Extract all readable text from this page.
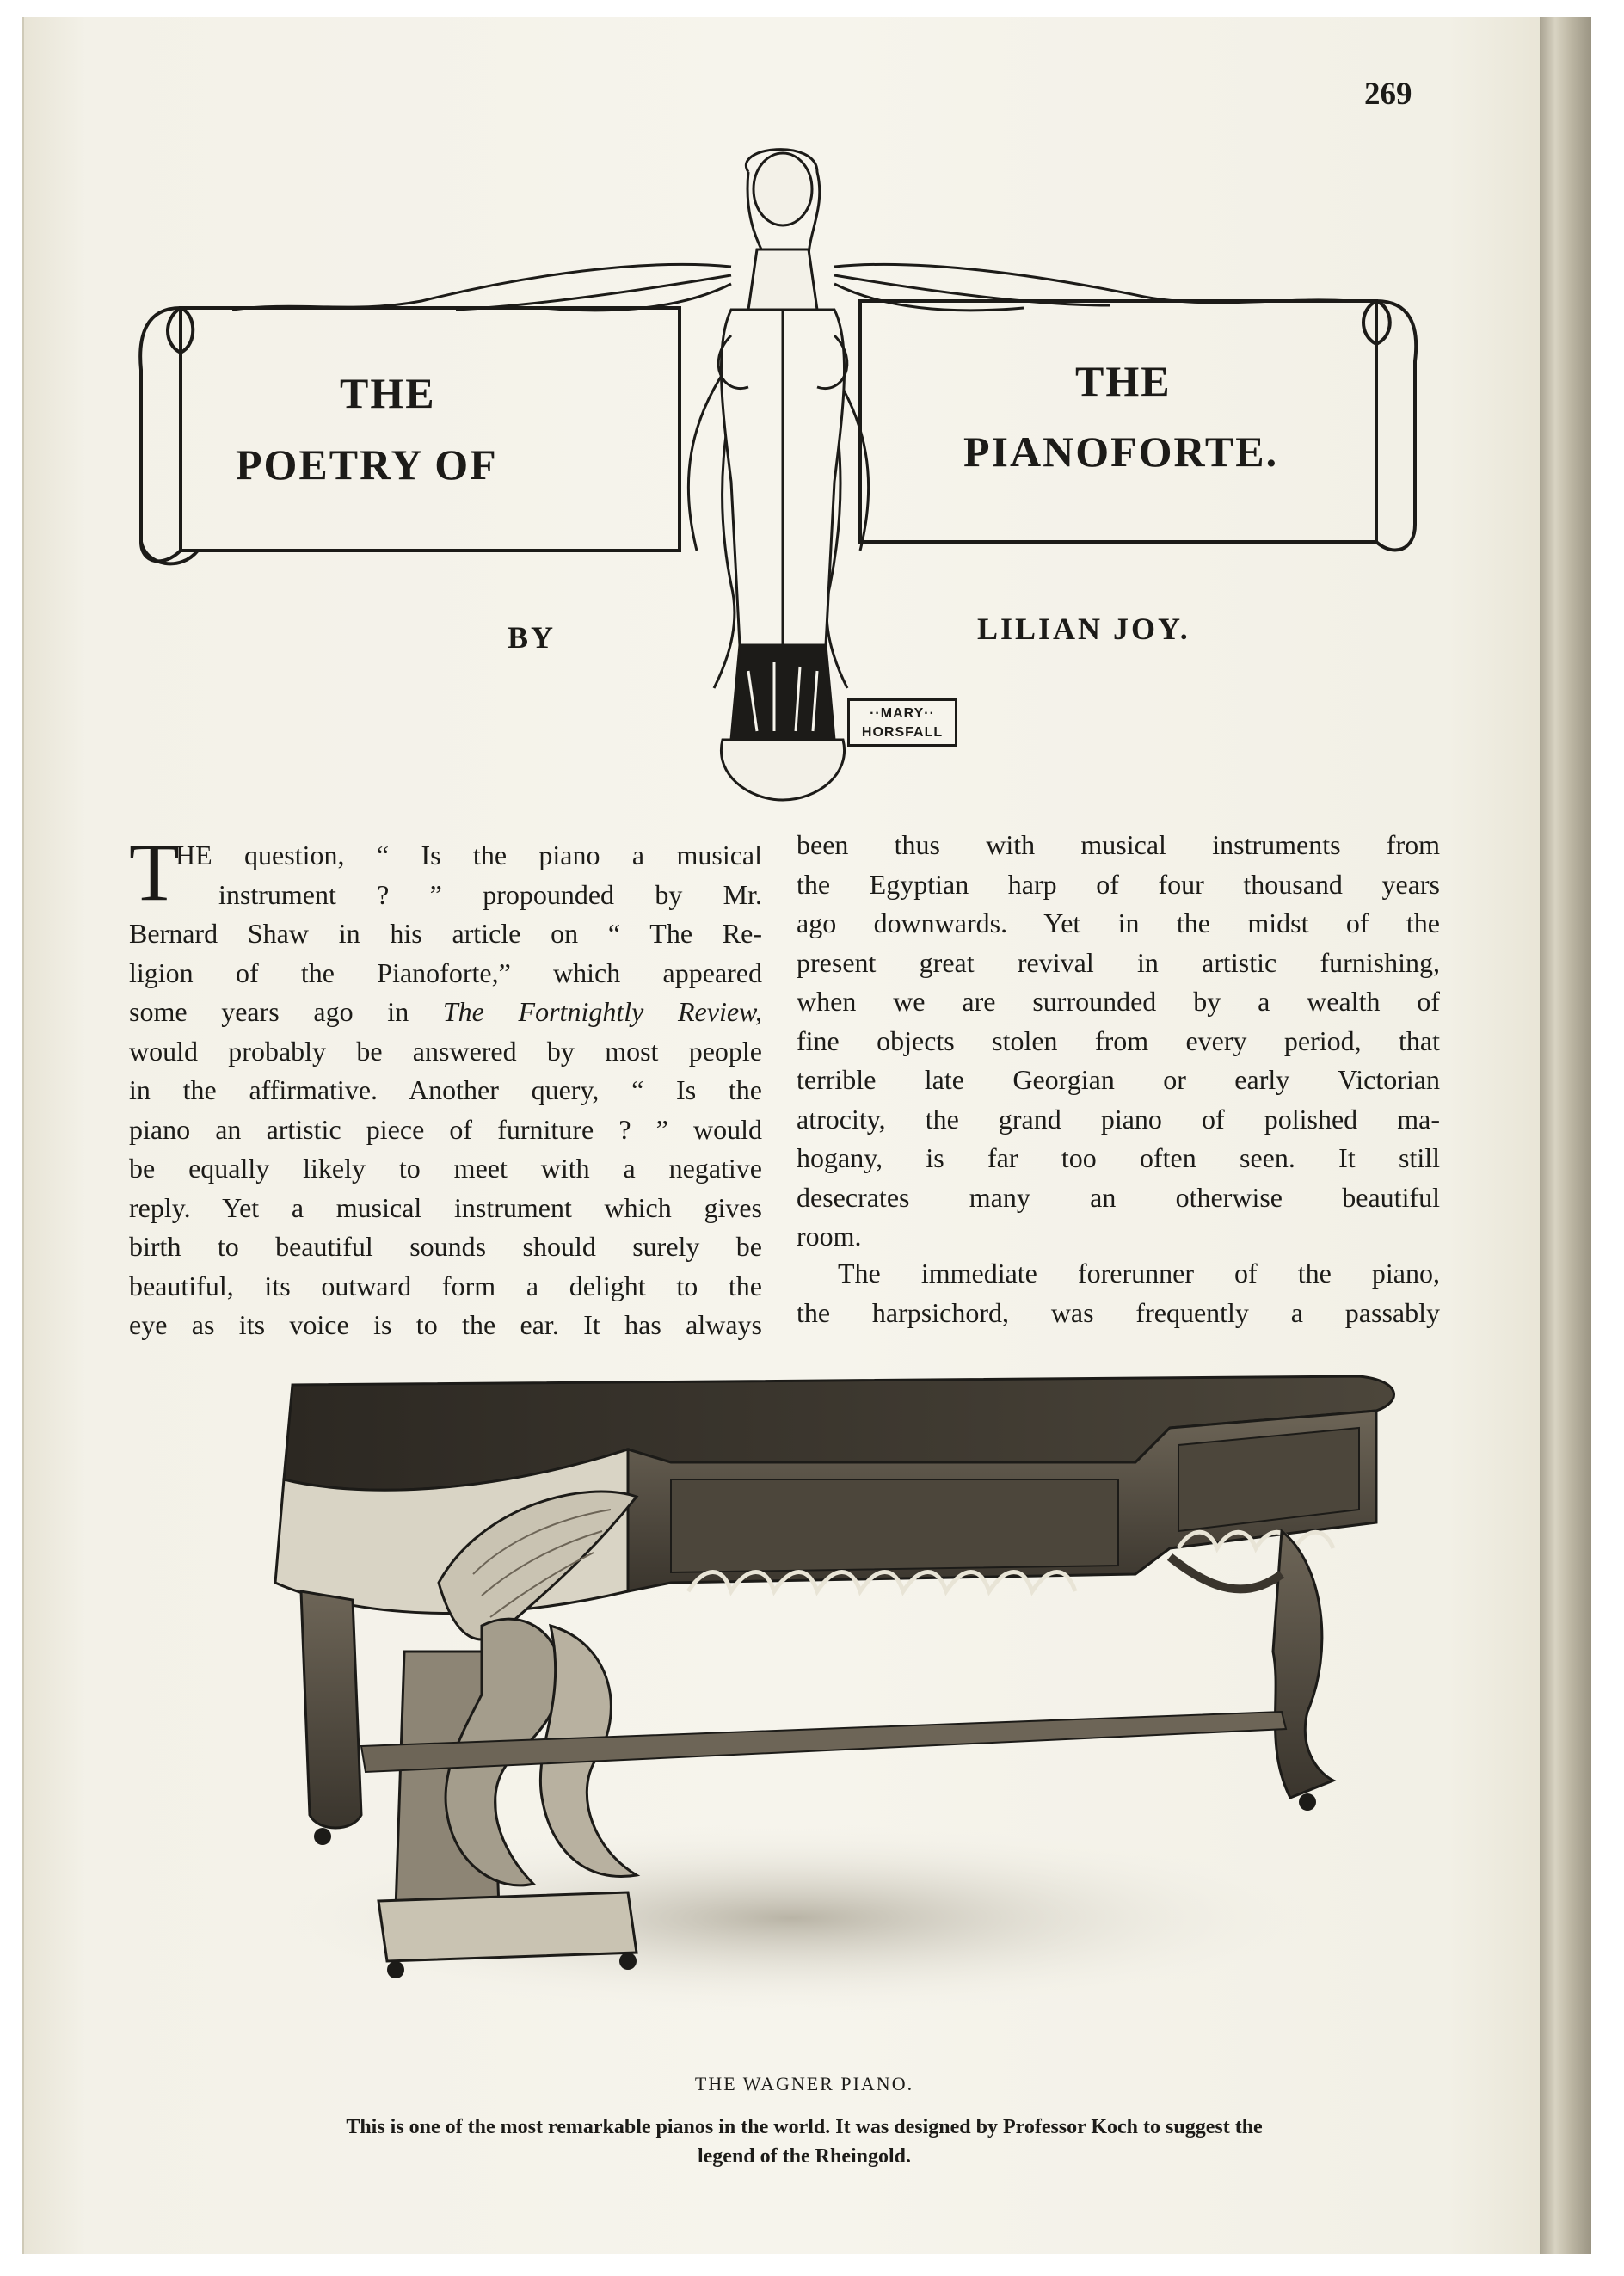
269
THE
POETRY OF
THE
PIANOFORTE.
BY	LILIAN JOY.
··MARY··
HORSFALL
T
HE question, “ Is the piano a musical
instrument ? ” propounded by Mr.
Bernard Shaw in his article on “ The Re-
ligion of the Pianoforte,” which appeared
some years ago in The Fortnightly Review,
would probably be answered by most people
in the affirmative. Another query, “ Is the
piano an artistic piece of furniture ? ” would
be equally likely to meet with a negative
reply. Yet a musical instrument which gives
birth to beautiful sounds should surely be
beautiful, its outward form a delight to the
eye as its voice is to the ear. It has always
been thus with musical instruments from
the Egyptian harp of four thousand years
ago downwards. Yet in the midst of the
present great revival in artistic furnishing,
when we are surrounded by a wealth of
fine objects stolen from every period, that
terrible late Georgian or early Victorian
atrocity, the grand piano of polished ma-
hogany, is far too often seen. It still
desecrates many an otherwise beautiful
room.
The immediate forerunner of the piano,
the harpsichord, was frequently a passably
THE WAGNER PIANO.
This is one of the most remarkable pianos in the world. It was designed by Professor Koch to suggest the
legend of the Rheingold.
